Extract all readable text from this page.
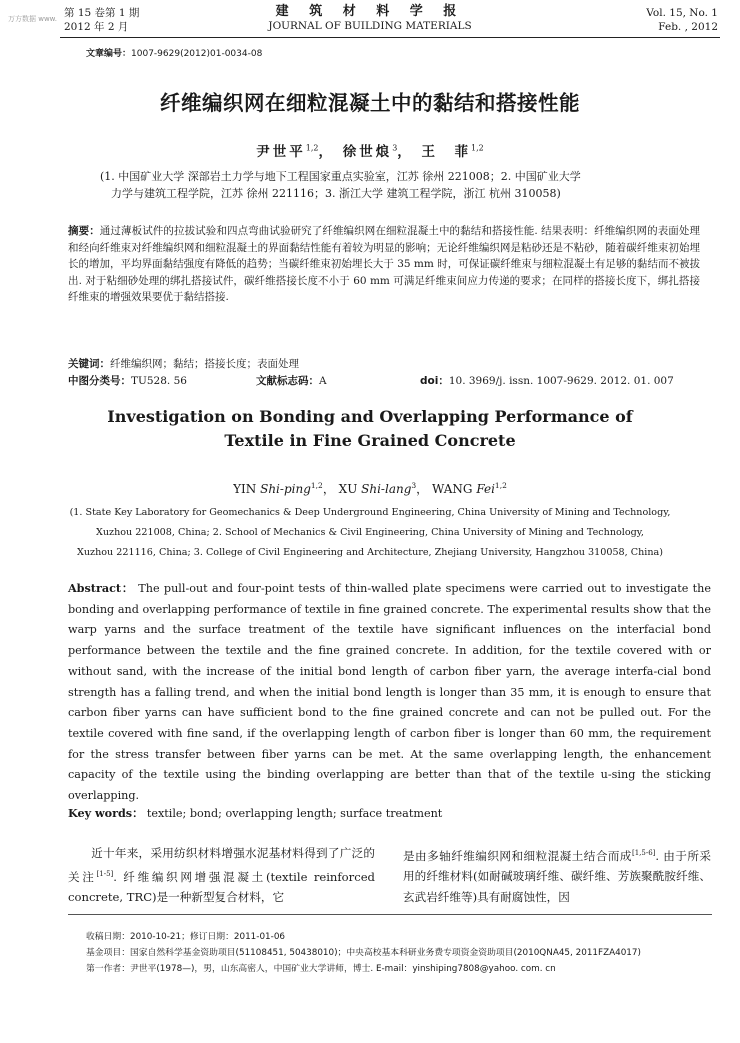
万方数据 www. 第 15 卷第 1 期
2012 年 2 月
建 筑 材 料 学 报
JOURNAL OF BUILDING MATERIALS
Vol. 15, No. 1
Feb. , 2012
文章编号：1007-9629(2012)01-0034-08
纤维编织网在细粒混凝土中的黏结和搭接性能
尹世平$^{1,2}$， 徐世烺$^3$， 王　菲$^{1,2}$
(1. 中国矿业大学 深部岩土力学与地下工程国家重点实验室，江苏 徐州 221008；2. 中国矿业大学
力学与建筑工程学院，江苏 徐州 221116；3. 浙江大学 建筑工程学院，浙江 杭州 310058)
摘要：通过薄板试件的拉拔试验和四点弯曲试验研究了纤维编织网在细粒混凝土中的黏结和搭接性能. 结果表明：纤维编织网的表面处理和经向纤维束对纤维编织网和细粒混凝土的界面黏结性能有着较为明显的影响；无论纤维编织网是粘砂还是不粘砂，随着碳纤维束初始埋长的增加，平均界面黏结强度有降低的趋势；当碳纤维束初始埋长大于 35 mm 时，可保证碳纤维束与细粒混凝土有足够的黏结而不被拔出. 对于粘细砂处理的绑扎搭接试件，碳纤维搭接长度不小于 60 mm 可满足纤维束间应力传递的要求；在同样的搭接长度下，绑扎搭接纤维束的增强效果要优于黏结搭接.
关键词：纤维编织网；黏结；搭接长度；表面处理
中图分类号：TU528. 56	文献标志码：A	doi：10. 3969/j. issn. 1007-9629. 2012. 01. 007
Investigation on Bonding and Overlapping Performance of
Textile in Fine Grained Concrete
YIN Shi-ping$^{1,2}$， XU Shi-lang$^3$， WANG Fei$^{1,2}$
(1. State Key Laboratory for Geomechanics & Deep Underground Engineering, China University of Mining and Technology,
Xuzhou 221008, China; 2. School of Mechanics & Civil Engineering, China University of Mining and Technology,
Xuzhou 221116, China; 3. College of Civil Engineering and Architecture, Zhejiang University, Hangzhou 310058, China)
Abstract： The pull-out and four-point tests of thin-walled plate specimens were carried out to investigate the bonding and overlapping performance of textile in fine grained concrete. The experimental results show that the warp yarns and the surface treatment of the textile have significant influences on the interfacial bond performance between the textile and the fine grained concrete. In addition, for the textile covered with or without sand, with the increase of the initial bond length of carbon fiber yarn, the average interfa-cial bond strength has a falling trend, and when the initial bond length is longer than 35 mm, it is enough to ensure that carbon fiber yarns can have sufficient bond to the fine grained concrete and can not be pulled out. For the textile covered with fine sand, if the overlapping length of carbon fiber is longer than 60 mm, the requirement for the stress transfer between fiber yarns can be met. At the same overlapping length, the enhancement capacity of the textile using the binding overlapping are better than that of the textile u-sing the sticking overlapping.
Key words： textile; bond; overlapping length; surface treatment
近十年来，采用纺织材料增强水泥基材料得到了广泛的关注[1-5]. 纤维编织网增强混凝土(textile reinforced concrete, TRC)是一种新型复合材料，它
是由多轴纤维编织网和细粒混凝土结合而成[1,5-6]. 由于所采用的纤维材料(如耐碱玻璃纤维、碳纤维、芳族聚酰胺纤维、玄武岩纤维等)具有耐腐蚀性，因
收稿日期：2010-10-21；修订日期：2011-01-06
基金项目：国家自然科学基金资助项目(51108451, 50438010)；中央高校基本科研业务费专项资金资助项目(2010QNA45, 2011FZA4017)
第一作者：尹世平(1978—)，男，山东高密人，中国矿业大学讲师，博士. E-mail：yinshiping7808@yahoo. com. cn
